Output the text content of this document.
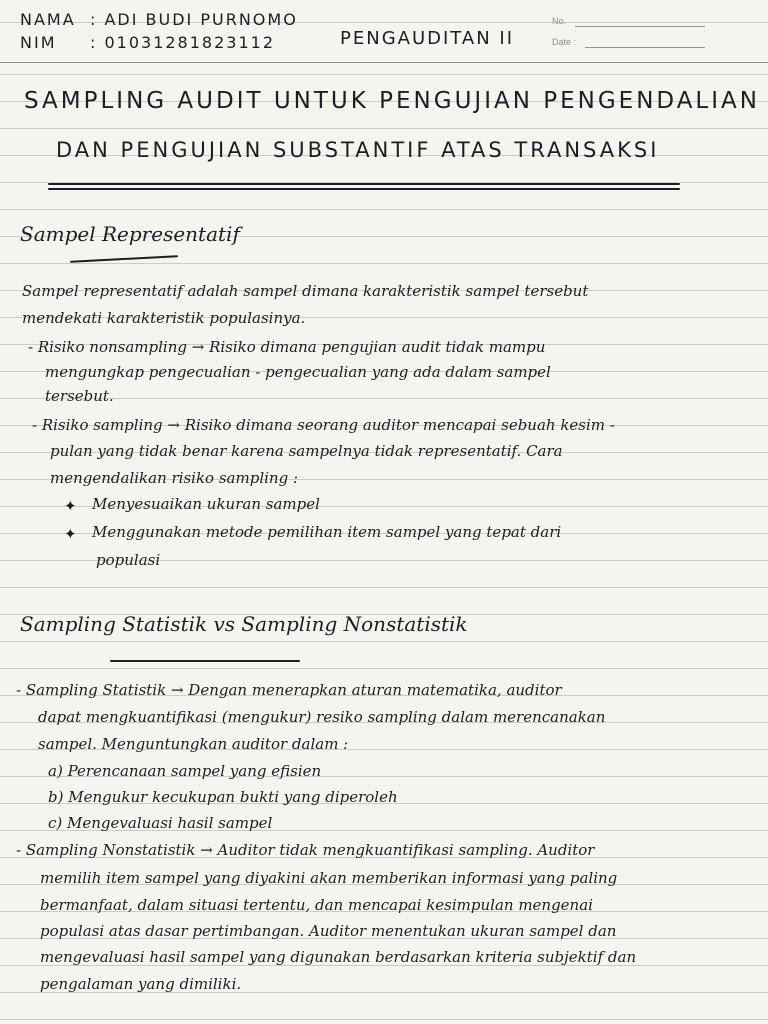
NAMA : ADI BUDI PURNOMO
NIM : 01031281823112	PENGAUDITAN II
No.
Date :
SAMPLING AUDIT UNTUK PENGUJIAN PENGENDALIAN
DAN PENGUJIAN SUBSTANTIF ATAS TRANSAKSI
Sampel Representatif
Sampel representatif adalah sampel dimana karakteristik sampel tersebut
mendekati karakteristik populasinya.
- Risiko nonsampling → Risiko dimana pengujian audit tidak mampu
mengungkap pengecualian - pengecualian yang ada dalam sampel
tersebut.
- Risiko sampling → Risiko dimana seorang auditor mencapai sebuah kesim -
pulan yang tidak benar karena sampelnya tidak representatif. Cara
mengendalikan risiko sampling :
✦ Menyesuaikan ukuran sampel
✦ Menggunakan metode pemilihan item sampel yang tepat dari
populasi
Sampling Statistik vs Sampling Nonstatistik
- Sampling Statistik → Dengan menerapkan aturan matematika, auditor
dapat mengkuantifikasi (mengukur) resiko sampling dalam merencanakan
sampel. Menguntungkan auditor dalam :
a) Perencanaan sampel yang efisien
b) Mengukur kecukupan bukti yang diperoleh
c) Mengevaluasi hasil sampel
- Sampling Nonstatistik → Auditor tidak mengkuantifikasi sampling. Auditor
memilih item sampel yang diyakini akan memberikan informasi yang paling
bermanfaat, dalam situasi tertentu, dan mencapai kesimpulan mengenai
populasi atas dasar pertimbangan. Auditor menentukan ukuran sampel dan
mengevaluasi hasil sampel yang digunakan berdasarkan kriteria subjektif dan
pengalaman yang dimiliki.
